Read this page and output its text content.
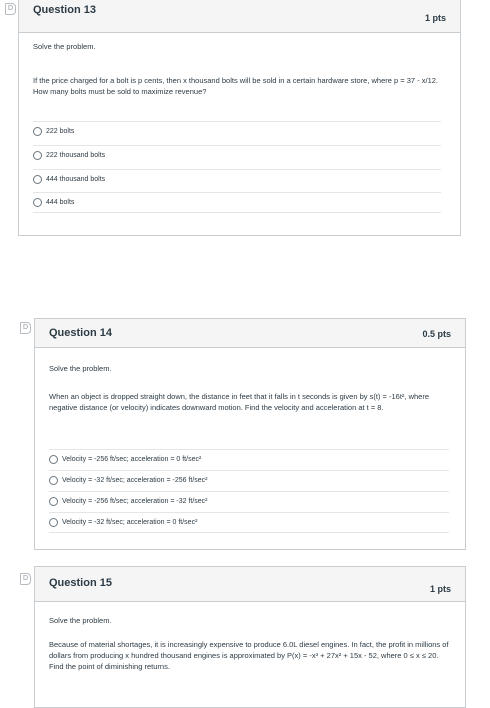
D Question 13
1 pts
Solve the problem.
If the price charged for a bolt is p cents, then x thousand bolts will be sold in a certain hardware store, where p = 37 - x/12. How many bolts must be sold to maximize revenue?
222 bolts
222 thousand bolts
444 thousand bolts
444 bolts
D Question 14	0.5 pts
Solve the problem.
When an object is dropped straight down, the distance in feet that it falls in t seconds is given by s(t) = -16t², where negative distance (or velocity) indicates downward motion. Find the velocity and acceleration at t = 8.
Velocity = -256 ft/sec; acceleration = 0 ft/sec²
Velocity = -32 ft/sec; acceleration = -256 ft/sec²
Velocity = -256 ft/sec; acceleration = -32 ft/sec²
Velocity = -32 ft/sec; acceleration = 0 ft/sec²
D Question 15	1 pts
Solve the problem.
Because of material shortages, it is increasingly expensive to produce 6.0L diesel engines. In fact, the profit in millions of dollars from producing x hundred thousand engines is approximated by P(x) = -x³ + 27x² + 15x - 52, where 0 ≤ x ≤ 20. Find the point of diminishing returns.
